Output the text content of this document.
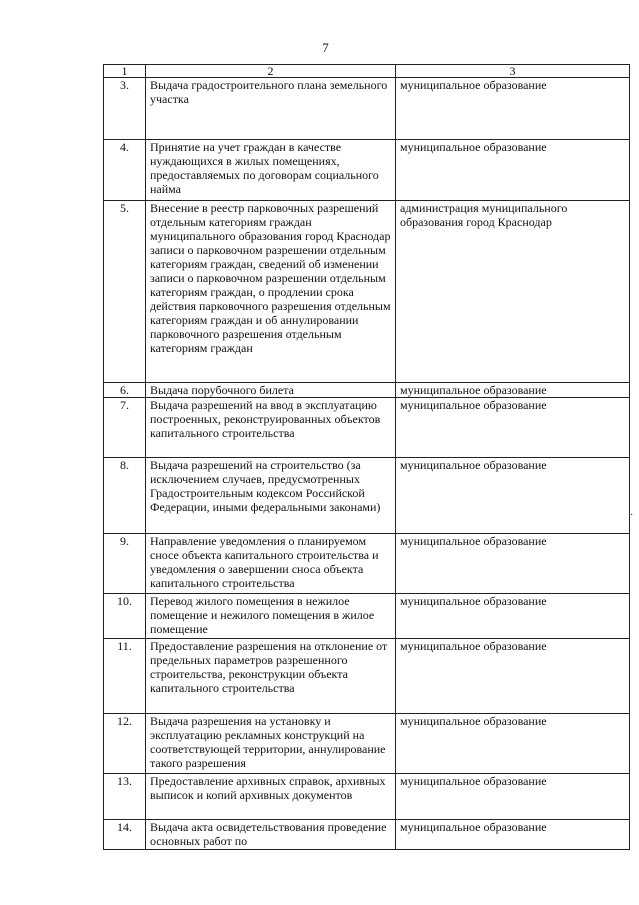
7
1	2	3
3.	Выдача градостроительного плана земельного участка	муниципальное образование
4.	Принятие на учет граждан в качестве нуждающихся в жилых помещениях, предоставляемых по договорам социального найма	муниципальное образование
5.	Внесение в реестр парковочных разрешений отдельным категориям граждан муниципального образования город Краснодар записи о парковочном разрешении отдельным категориям граждан, сведений об изменении записи о парковочном разрешении отдельным категориям граждан, о продлении срока действия парковочного разрешения отдельным категориям граждан и об аннулировании парковочного разрешения отдельным категориям граждан	администрация муниципального образования город Краснодар
6.	Выдача порубочного билета	муниципальное образование
7.	Выдача разрешений на ввод в эксплуатацию построенных, реконструированных объектов капитального строительства	муниципальное образование
8.	Выдача разрешений на строительство (за исключением случаев, предусмотренных Градостроительным кодексом Российской Федерации, иными федеральными законами)	муниципальное образование
9.	Направление уведомления о планируемом сносе объекта капитального строительства и уведомления о завершении сноса объекта капитального строительства	муниципальное образование
10.	Перевод жилого помещения в нежилое помещение и нежилого помещения в жилое помещение	муниципальное образование
11.	Предоставление разрешения на отклонение от предельных параметров разрешенного строительства, реконструкции объекта капитального строительства	муниципальное образование
12.	Выдача разрешения на установку и эксплуатацию рекламных конструкций на соответствующей территории, аннулирование такого разрешения	муниципальное образование
13.	Предоставление архивных справок, архивных выписок и копий архивных документов	муниципальное образование
14.	Выдача акта освидетельствования проведение основных работ по	муниципальное образование
·
